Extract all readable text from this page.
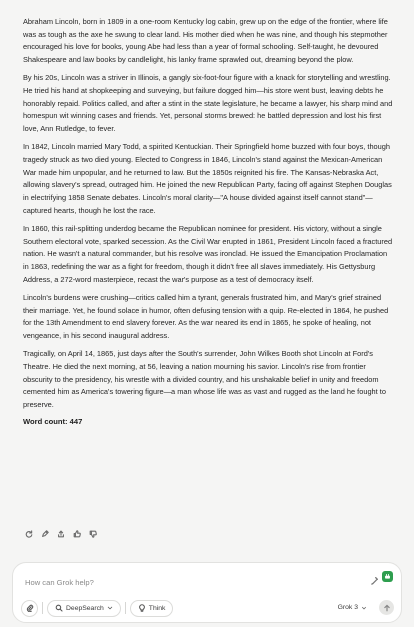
Abraham Lincoln, born in 1809 in a one-room Kentucky log cabin, grew up on the edge of the frontier, where life was as tough as the axe he swung to clear land. His mother died when he was nine, and though his stepmother encouraged his love for books, young Abe had less than a year of formal schooling. Self-taught, he devoured Shakespeare and law books by candlelight, his lanky frame sprawled out, dreaming beyond the plow.

By his 20s, Lincoln was a striver in Illinois, a gangly six-foot-four figure with a knack for storytelling and wrestling. He tried his hand at shopkeeping and surveying, but failure dogged him—his store went bust, leaving debts he honorably repaid. Politics called, and after a stint in the state legislature, he became a lawyer, his sharp mind and homespun wit winning cases and friends. Yet, personal storms brewed: he battled depression and lost his first love, Ann Rutledge, to fever.

In 1842, Lincoln married Mary Todd, a spirited Kentuckian. Their Springfield home buzzed with four boys, though tragedy struck as two died young. Elected to Congress in 1846, Lincoln's stand against the Mexican-American War made him unpopular, and he returned to law. But the 1850s reignited his fire. The Kansas-Nebraska Act, allowing slavery's spread, outraged him. He joined the new Republican Party, facing off against Stephen Douglas in electrifying 1858 Senate debates. Lincoln's moral clarity—"A house divided against itself cannot stand"—captured hearts, though he lost the race.

In 1860, this rail-splitting underdog became the Republican nominee for president. His victory, without a single Southern electoral vote, sparked secession. As the Civil War erupted in 1861, President Lincoln faced a fractured nation. He wasn't a natural commander, but his resolve was ironclad. He issued the Emancipation Proclamation in 1863, redefining the war as a fight for freedom, though it didn't free all slaves immediately. His Gettysburg Address, a 272-word masterpiece, recast the war's purpose as a test of democracy itself.

Lincoln's burdens were crushing—critics called him a tyrant, generals frustrated him, and Mary's grief strained their marriage. Yet, he found solace in humor, often defusing tension with a quip. Re-elected in 1864, he pushed for the 13th Amendment to end slavery forever. As the war neared its end in 1865, he spoke of healing, not vengeance, in his second inaugural address.

Tragically, on April 14, 1865, just days after the South's surrender, John Wilkes Booth shot Lincoln at Ford's Theatre. He died the next morning, at 56, leaving a nation mourning his savior. Lincoln's rise from frontier obscurity to the presidency, his wrestle with a divided country, and his unshakable belief in unity and freedom cemented him as America's towering figure—a man whose life was as vast and rugged as the land he fought to preserve.

Word count: 447

How can Grok help?
DeepSearch	Think	Grok 3
